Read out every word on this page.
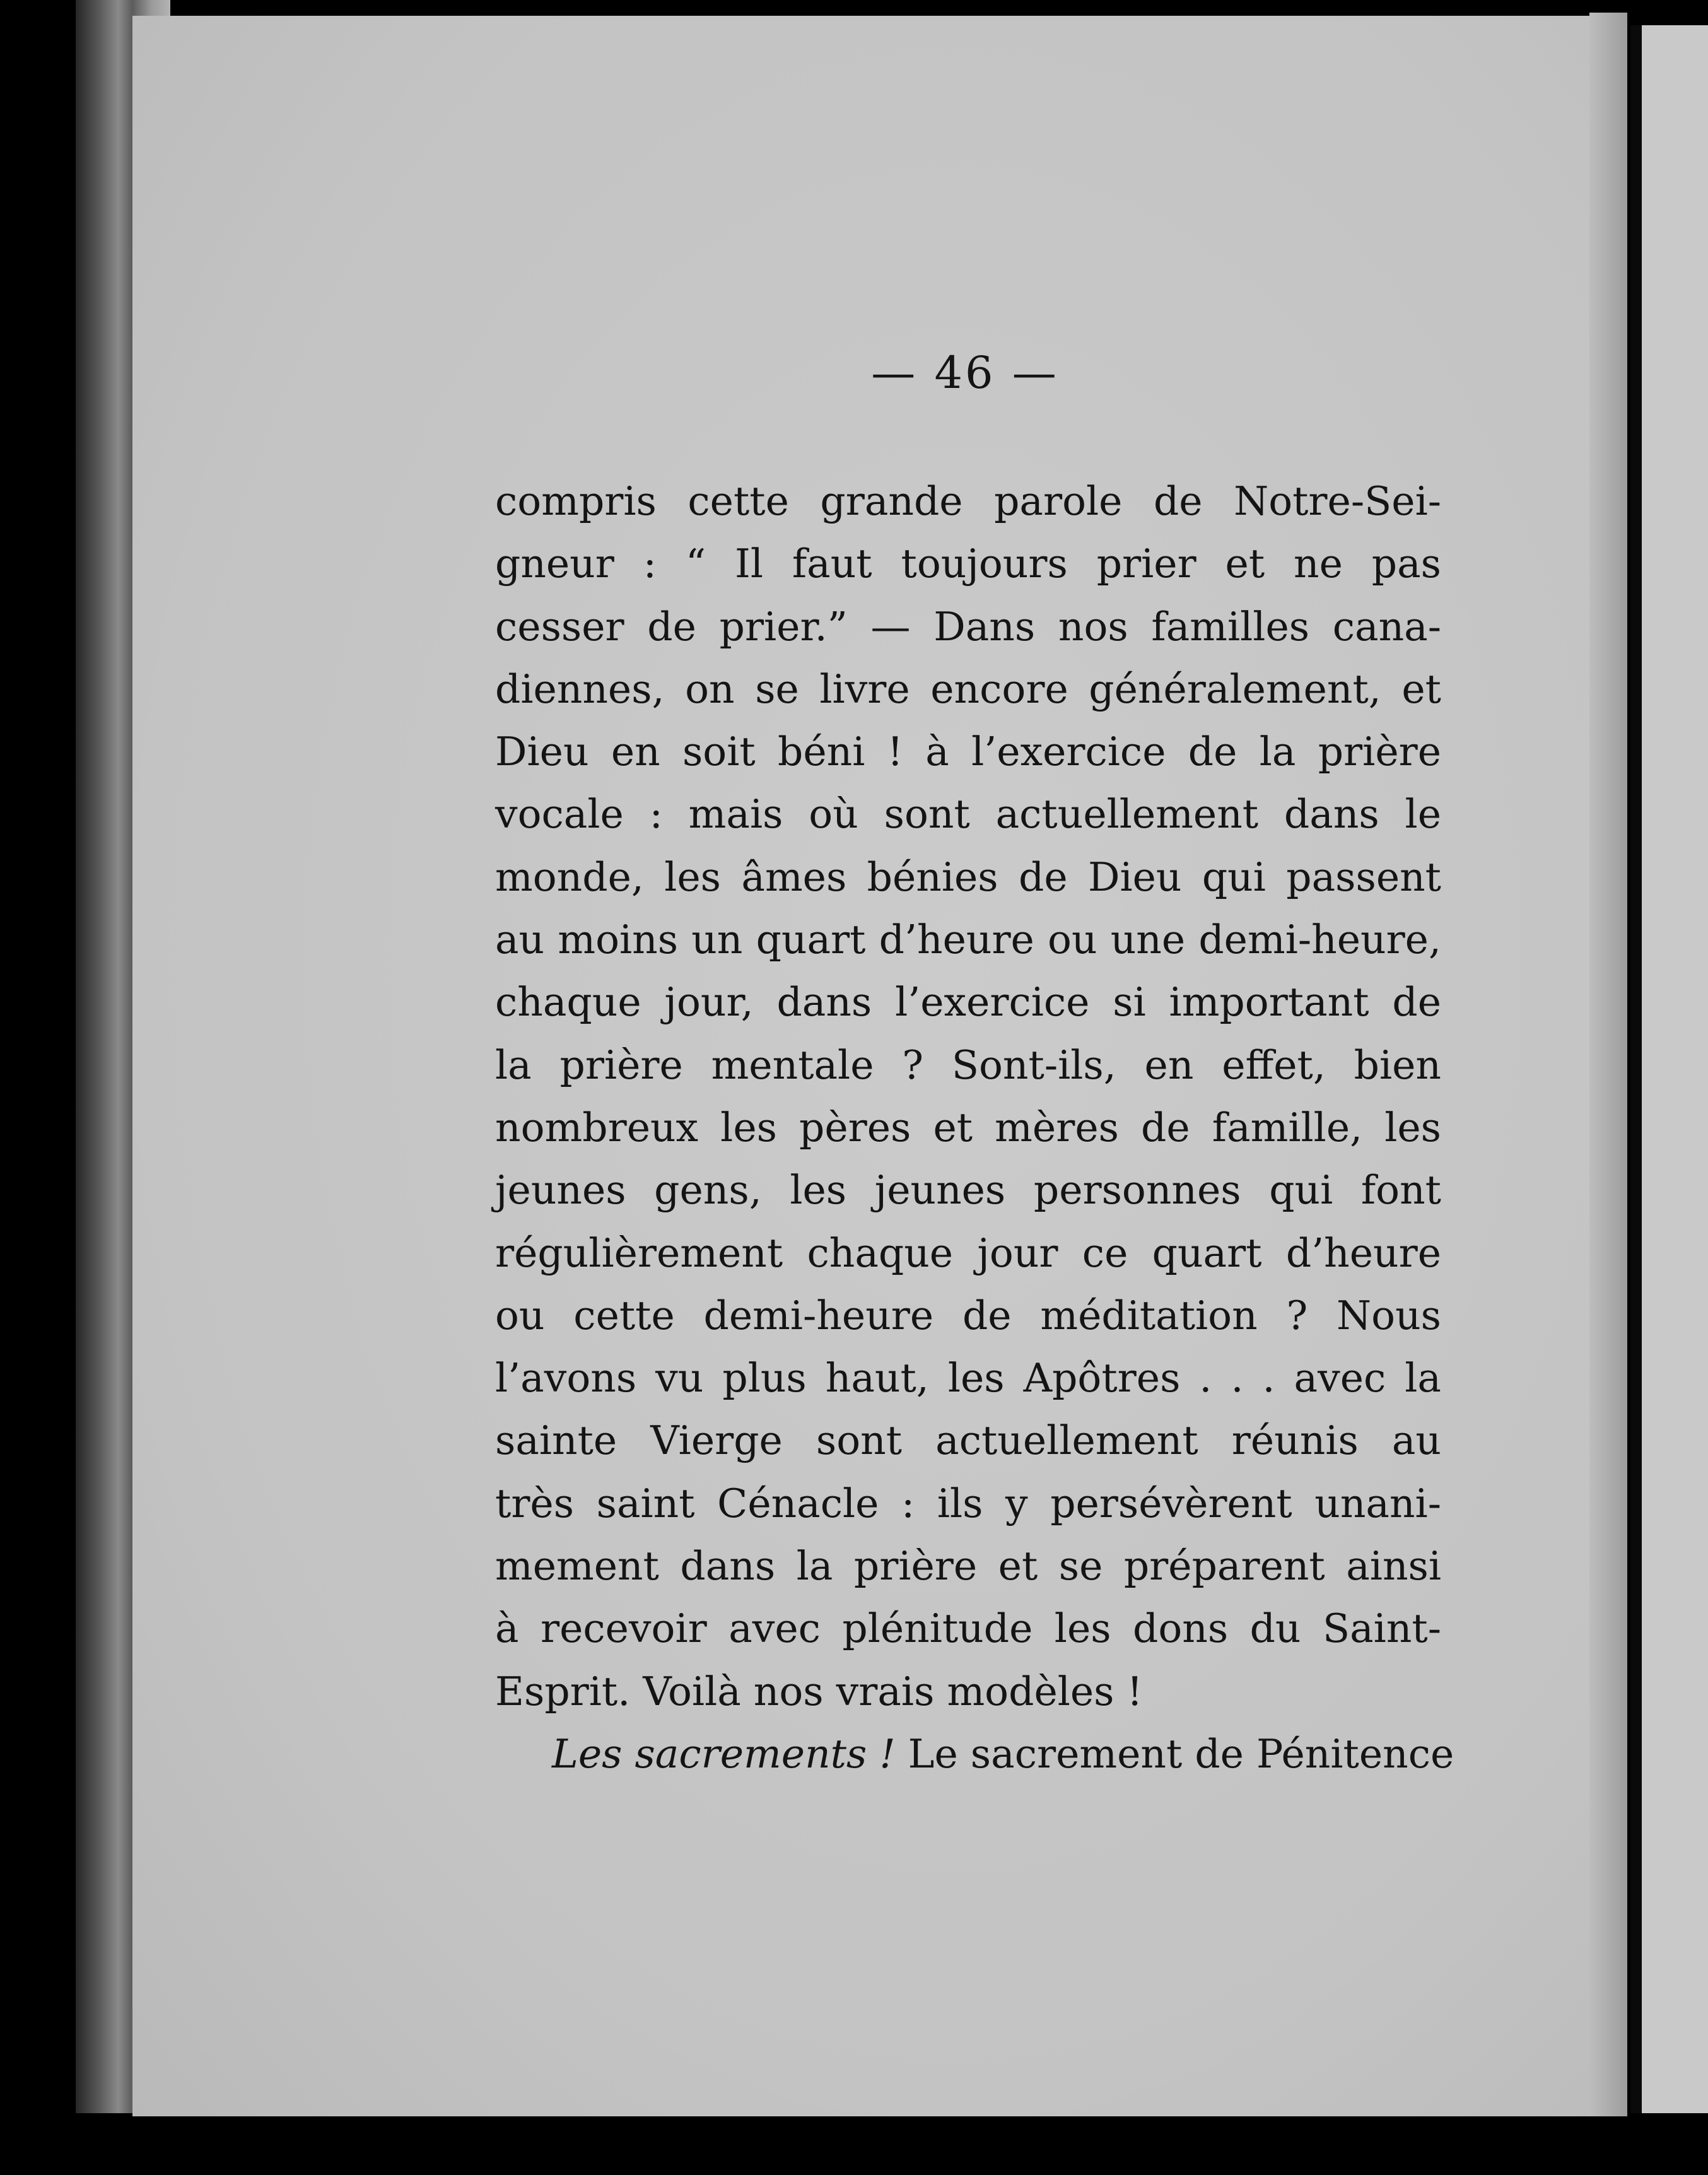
— 46 —
compris cette grande parole de Notre-Sei-
gneur : “ Il faut toujours prier et ne pas
cesser de prier.” — Dans nos familles cana-
diennes, on se livre encore généralement, et
Dieu en soit béni ! à l’exercice de la prière
vocale : mais où sont actuellement dans le
monde, les âmes bénies de Dieu qui passent
au moins un quart d’heure ou une demi-heure,
chaque jour, dans l’exercice si important de
la prière mentale ? Sont-ils, en effet, bien
nombreux les pères et mères de famille, les
jeunes gens, les jeunes personnes qui font
régulièrement chaque jour ce quart d’heure
ou cette demi-heure de méditation ? Nous
l’avons vu plus haut, les Apôtres . . . avec la
sainte Vierge sont actuellement réunis au
très saint Cénacle : ils y persévèrent unani-
mement dans la prière et se préparent ainsi
à recevoir avec plénitude les dons du Saint-
Esprit. Voilà nos vrais modèles !
Les sacrements ! Le sacrement de Pénitence
